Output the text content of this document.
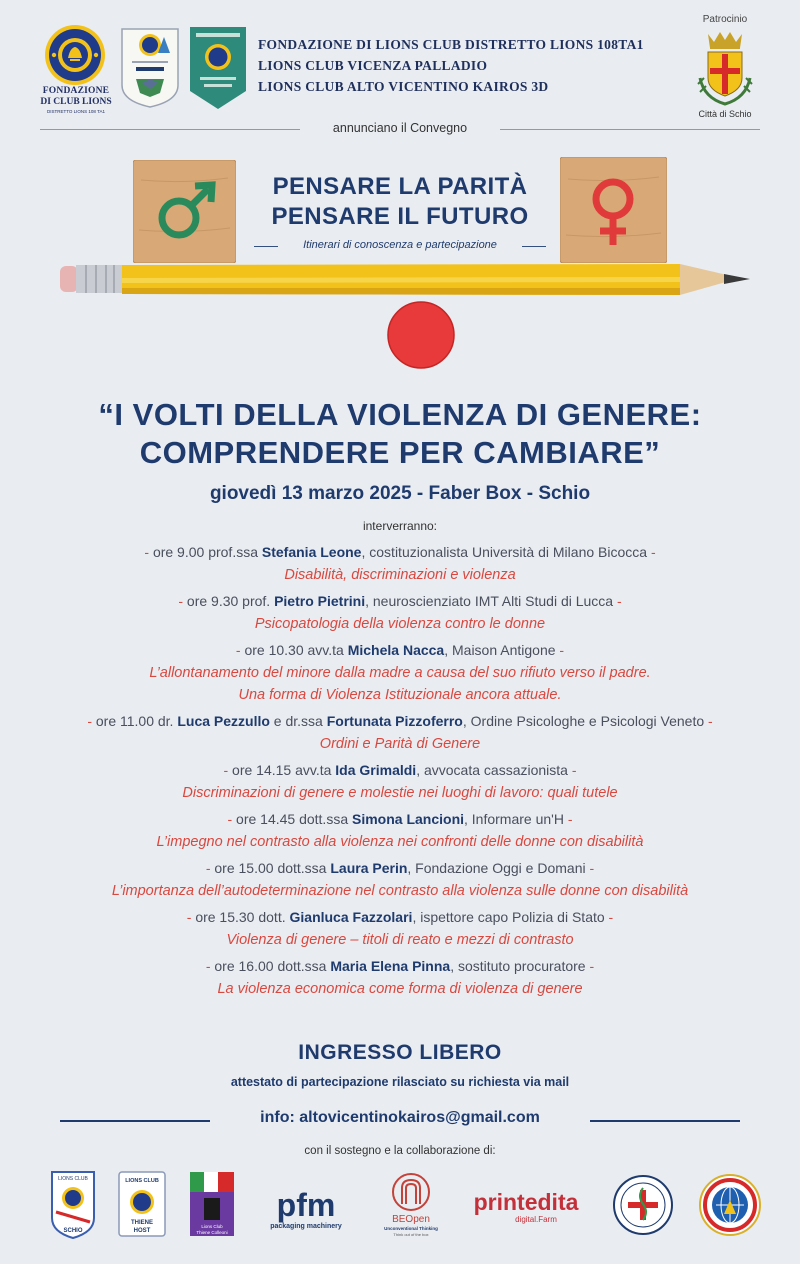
FONDAZIONE
DI CLUB LIONS
DISTRETTO LIONS 108 TA1
FONDAZIONE DI LIONS CLUB DISTRETTO LIONS 108TA1
LIONS CLUB VICENZA PALLADIO
LIONS CLUB ALTO VICENTINO KAIROS 3D
Patrocinio
Città di Schio
annunciano il Convegno
PENSARE LA PARITÀ
PENSARE IL FUTURO
Itinerari di conoscenza e partecipazione
“I VOLTI DELLA VIOLENZA DI GENERE:
COMPRENDERE PER CAMBIARE”
giovedì 13 marzo 2025 - Faber Box - Schio
interverranno:
- ore 9.00 prof.ssa Stefania Leone, costituzionalista Università di Milano Bicocca -
Disabilità, discriminazioni e violenza
- ore 9.30 prof. Pietro Pietrini, neuroscienziato IMT Alti Studi di Lucca -
Psicopatologia della violenza contro le donne
- ore 10.30 avv.ta Michela Nacca, Maison Antigone -
L’allontanamento del minore dalla madre a causa del suo rifiuto verso il padre.
Una forma di Violenza Istituzionale ancora attuale.
- ore 11.00 dr. Luca Pezzullo e dr.ssa Fortunata Pizzoferro, Ordine Psicologhe e Psicologi Veneto -
Ordini e Parità di Genere
- ore 14.15 avv.ta Ida Grimaldi, avvocata cassazionista -
Discriminazioni di genere e molestie nei luoghi di lavoro: quali tutele
- ore 14.45 dott.ssa Simona Lancioni, Informare un'H -
L’impegno nel contrasto alla violenza nei confronti delle donne con disabilità
- ore 15.00 dott.ssa Laura Perin, Fondazione Oggi e Domani -
L’importanza dell’autodeterminazione nel contrasto alla violenza sulle donne con disabilità
- ore 15.30 dott. Gianluca Fazzolari, ispettore capo Polizia di Stato -
Violenza di genere – titoli di reato e mezzi di contrasto
- ore 16.00 dott.ssa Maria Elena Pinna, sostituto procuratore -
La violenza economica come forma di violenza di genere
INGRESSO LIBERO
attestato di partecipazione rilasciato su richiesta via mail
info: altovicentinokairos@gmail.com
con il sostegno e la collaborazione di:
LIONS CLUB
SCHIO
LIONS CLUB
THIENE
HOST
Lions Club
Thiene Colleoni
pfm
packaging machinery
BEOpen
Unconventional Thinking
Think out of the box
printedita
digital.Farm
